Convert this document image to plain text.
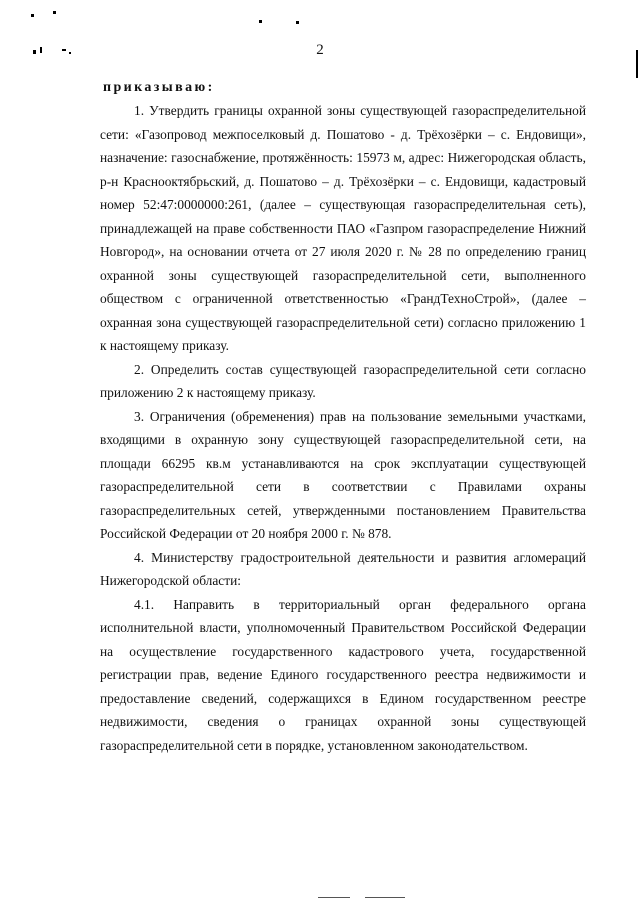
2
приказываю:

1. Утвердить границы охранной зоны существующей газораспределительной сети: «Газопровод межпоселковый д. Пошатово - д. Трёхозёрки – с. Ендовищи», назначение: газоснабжение, протяжённость: 15973 м, адрес: Нижегородская область, р-н Краснооктябрьский, д. Пошатово – д. Трёхозёрки – с. Ендовищи, кадастровый номер 52:47:0000000:261, (далее – существующая газораспределительная сеть), принадлежащей на праве собственности ПАО «Газпром газораспределение Нижний Новгород», на основании отчета от 27 июля 2020 г. № 28 по определению границ охранной зоны существующей газораспределительной сети, выполненного обществом с ограниченной ответственностью «ГрандТехноСтрой», (далее – охранная зона существующей газораспределительной сети) согласно приложению 1 к настоящему приказу.

2. Определить состав существующей газораспределительной сети согласно приложению 2 к настоящему приказу.

3. Ограничения (обременения) прав на пользование земельными участками, входящими в охранную зону существующей газораспределительной сети, на площади 66295 кв.м устанавливаются на срок эксплуатации существующей газораспределительной сети в соответствии с Правилами охраны газораспределительных сетей, утвержденными постановлением Правительства Российской Федерации от 20 ноября 2000 г. № 878.

4. Министерству градостроительной деятельности и развития агломераций Нижегородской области:

4.1. Направить в территориальный орган федерального органа исполнительной власти, уполномоченный Правительством Российской Федерации на осуществление государственного кадастрового учета, государственной регистрации прав, ведение Единого государственного реестра недвижимости и предоставление сведений, содержащихся в Едином государственном реестре недвижимости, сведения о границах охранной зоны существующей газораспределительной сети в порядке, установленном законодательством.
